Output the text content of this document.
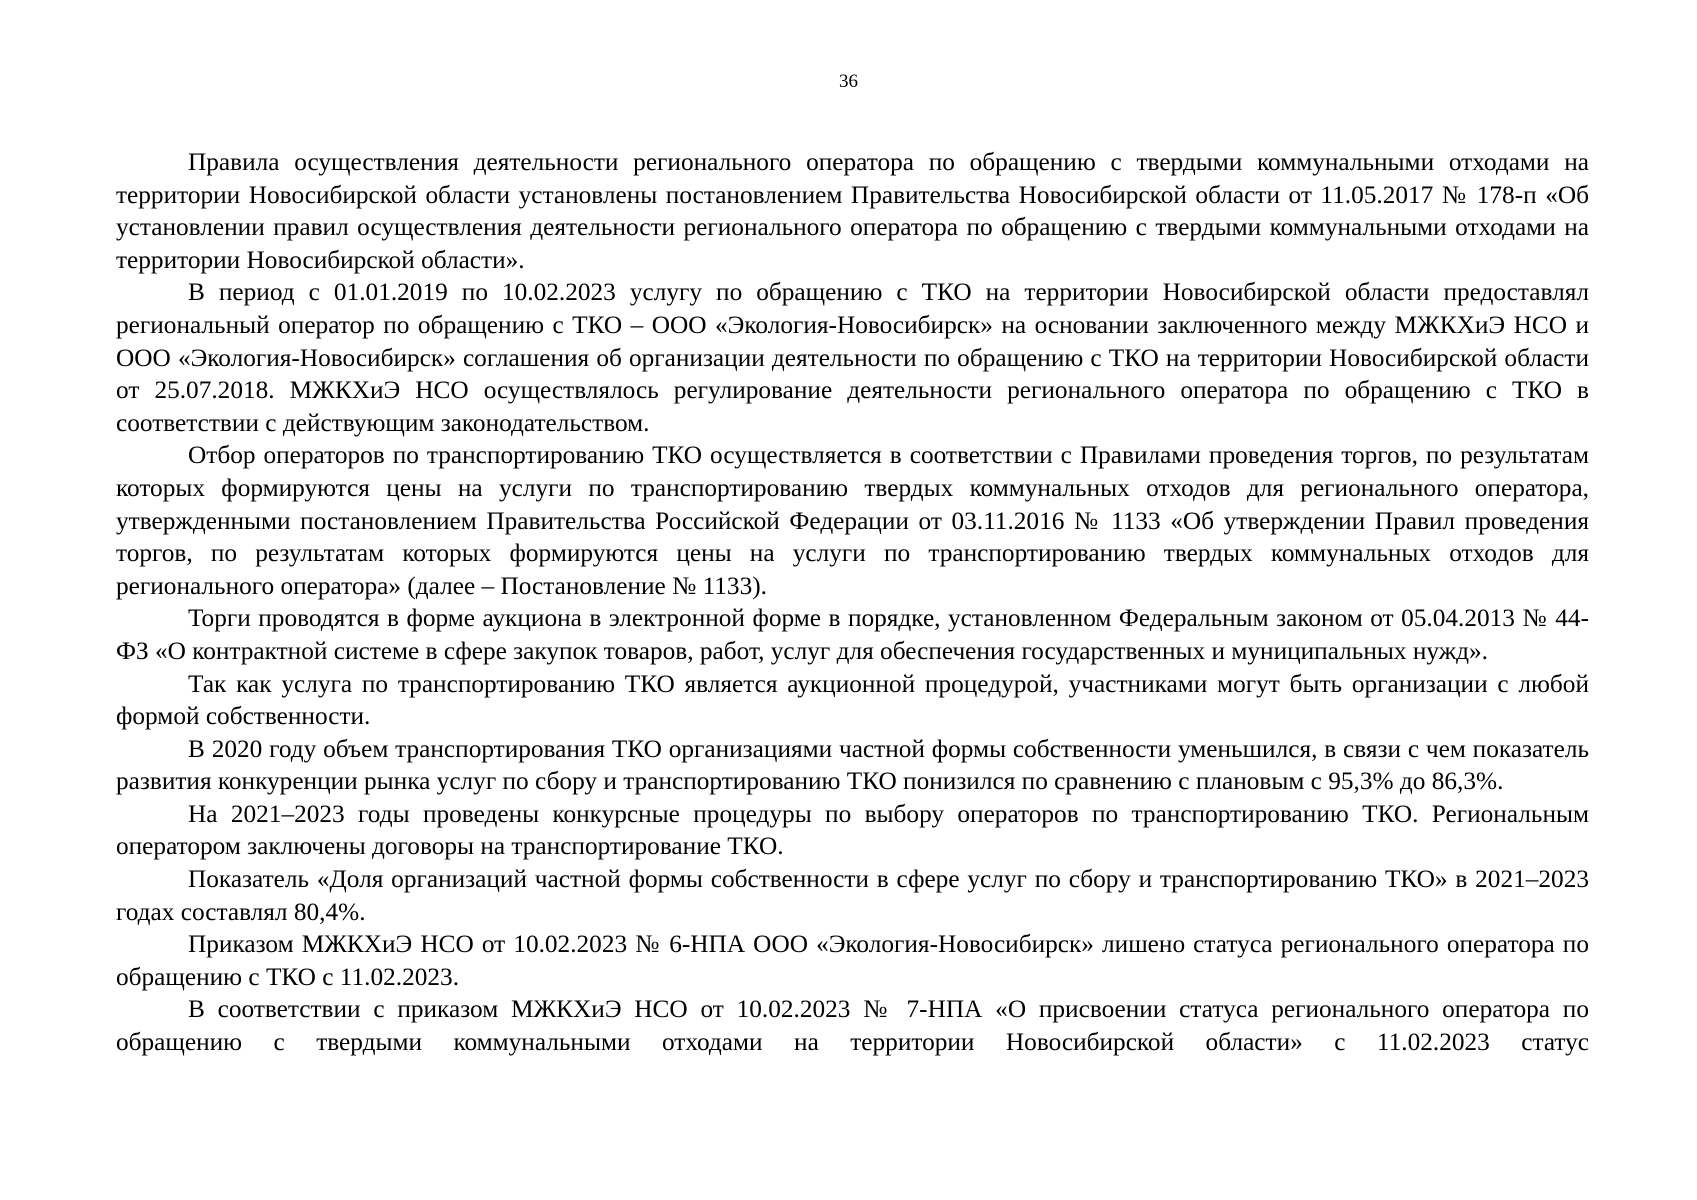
36

Правила осуществления деятельности регионального оператора по обращению с твердыми коммунальными отходами на территории Новосибирской области установлены постановлением Правительства Новосибирской области от 11.05.2017 № 178-п «Об установлении правил осуществления деятельности регионального оператора по обращению с твердыми коммунальными отходами на территории Новосибирской области».

В период с 01.01.2019 по 10.02.2023 услугу по обращению с ТКО на территории Новосибирской области предоставлял региональный оператор по обращению с ТКО – ООО «Экология-Новосибирск» на основании заключенного между МЖКХиЭ НСО и ООО «Экология-Новосибирск» соглашения об организации деятельности по обращению с ТКО на территории Новосибирской области от 25.07.2018. МЖКХиЭ НСО осуществлялось регулирование деятельности регионального оператора по обращению с ТКО в соответствии с действующим законодательством.

Отбор операторов по транспортированию ТКО осуществляется в соответствии с Правилами проведения торгов, по результатам которых формируются цены на услуги по транспортированию твердых коммунальных отходов для регионального оператора, утвержденными постановлением Правительства Российской Федерации от 03.11.2016 № 1133 «Об утверждении Правил проведения торгов, по результатам которых формируются цены на услуги по транспортированию твердых коммунальных отходов для регионального оператора» (далее – Постановление № 1133).

Торги проводятся в форме аукциона в электронной форме в порядке, установленном Федеральным законом от 05.04.2013 № 44-ФЗ «О контрактной системе в сфере закупок товаров, работ, услуг для обеспечения государственных и муниципальных нужд».

Так как услуга по транспортированию ТКО является аукционной процедурой, участниками могут быть организации с любой формой собственности.

В 2020 году объем транспортирования ТКО организациями частной формы собственности уменьшился, в связи с чем показатель развития конкуренции рынка услуг по сбору и транспортированию ТКО понизился по сравнению с плановым с 95,3% до 86,3%.

На 2021–2023 годы проведены конкурсные процедуры по выбору операторов по транспортированию ТКО. Региональным оператором заключены договоры на транспортирование ТКО.

Показатель «Доля организаций частной формы собственности в сфере услуг по сбору и транспортированию ТКО» в 2021–2023 годах составлял 80,4%.

Приказом МЖКХиЭ НСО от 10.02.2023 № 6-НПА ООО «Экология-Новосибирск» лишено статуса регионального оператора по обращению с ТКО с 11.02.2023.

В соответствии с приказом МЖКХиЭ НСО от 10.02.2023 № 7-НПА «О присвоении статуса регионального оператора по обращению с твердыми коммунальными отходами на территории Новосибирской области» с 11.02.2023 статус
